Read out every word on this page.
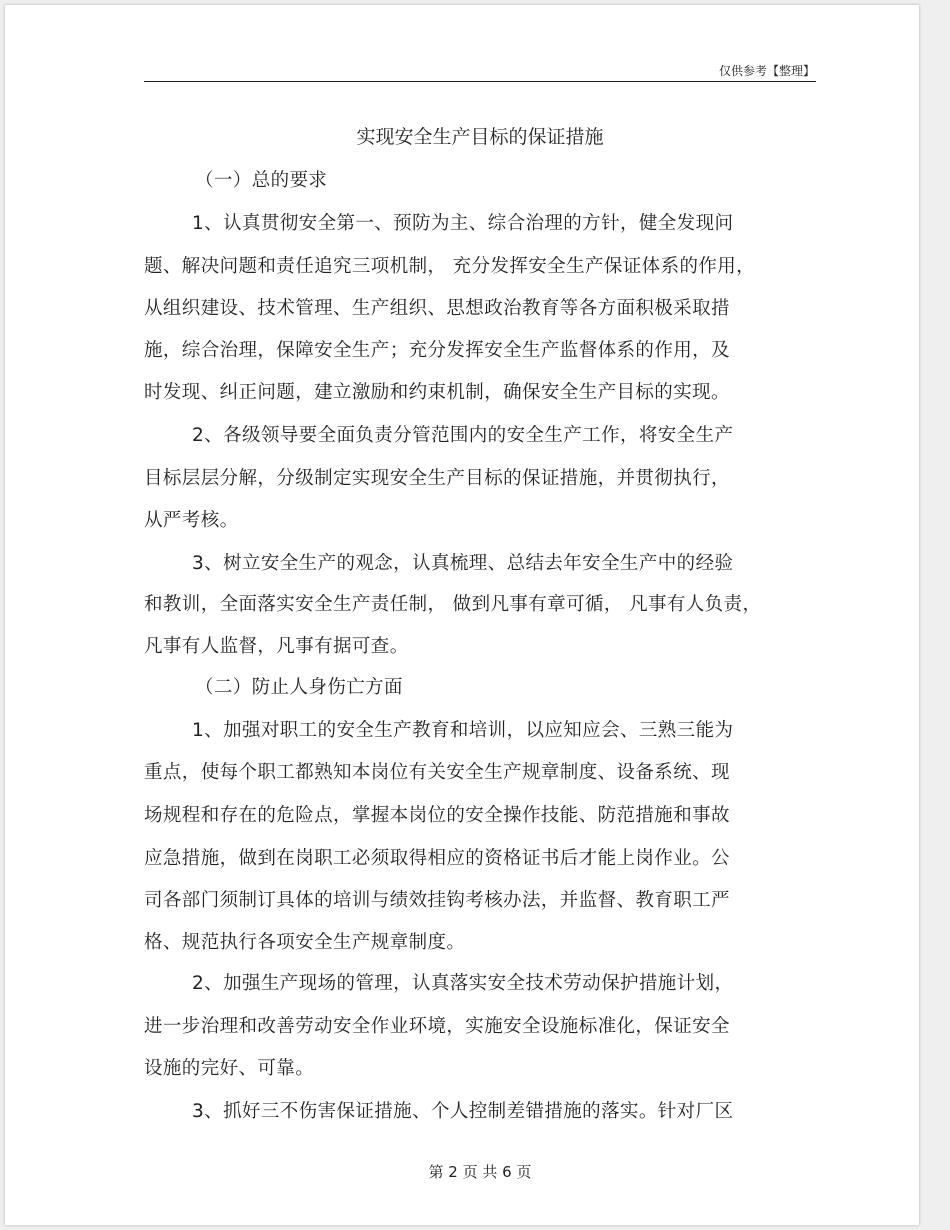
仅供参考【整理】
实现安全生产目标的保证措施
（一）总的要求
1、认真贯彻安全第一、预防为主、综合治理的方针，健全发现问
题、解决问题和责任追究三项机制， 充分发挥安全生产保证体系的作用，
从组织建设、技术管理、生产组织、思想政治教育等各方面积极采取措
施，综合治理，保障安全生产；充分发挥安全生产监督体系的作用，及
时发现、纠正问题，建立激励和约束机制，确保安全生产目标的实现。
2、各级领导要全面负责分管范围内的安全生产工作，将安全生产
目标层层分解，分级制定实现安全生产目标的保证措施，并贯彻执行，
从严考核。
3、树立安全生产的观念，认真梳理、总结去年安全生产中的经验
和教训，全面落实安全生产责任制， 做到凡事有章可循， 凡事有人负责，
凡事有人监督，凡事有据可查。
（二）防止人身伤亡方面
1、加强对职工的安全生产教育和培训，以应知应会、三熟三能为
重点，使每个职工都熟知本岗位有关安全生产规章制度、设备系统、现
场规程和存在的危险点，掌握本岗位的安全操作技能、防范措施和事故
应急措施，做到在岗职工必须取得相应的资格证书后才能上岗作业。公
司各部门须制订具体的培训与绩效挂钩考核办法，并监督、教育职工严
格、规范执行各项安全生产规章制度。
2、加强生产现场的管理，认真落实安全技术劳动保护措施计划，
进一步治理和改善劳动安全作业环境，实施安全设施标准化，保证安全
设施的完好、可靠。
3、抓好三不伤害保证措施、个人控制差错措施的落实。针对厂区
第 2 页 共 6 页
